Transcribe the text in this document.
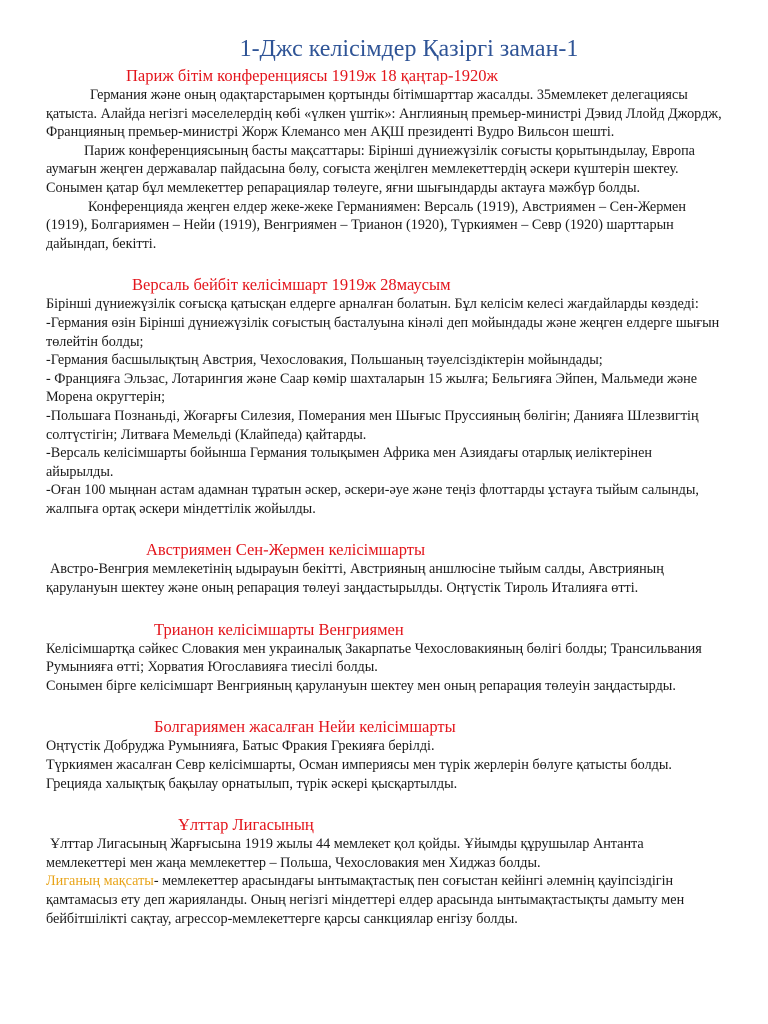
1-Джс келісімдер Қазіргі заман-1
Париж бітім конференциясы 1919ж 18 қаңтар-1920ж

Германия және оның одақтарстарымен қортынды бітімшарттар жасалды. 35мемлекет делегациясы қатыста. Алайда негізгі мәселелердің көбі «үлкен үштік»: Англияның премьер-министрі Дэвид Ллойд Джордж, Францияның премьер-министрі Жорж Клемансо мен АҚШ президенті Вудро Вильсон шешті.

Париж конференциясының басты мақсаттары: Бірінші дүниежүзілік соғысты қорытындылау, Европа аумағын жеңген державалар пайдасына бөлу, соғыста жеңілген мемлекеттердің әскери күштерін шектеу. Сонымен қатар бұл мемлекеттер репарациялар төлеуге, яғни шығындарды актауға мәжбүр болды.

Конференцияда жеңген елдер жеке-жеке Германиямен: Версаль (1919), Австриямен – Сен-Жермен (1919), Болгариямен – Нейи (1919), Венгриямен – Трианон (1920), Түркиямен – Севр (1920) шарттарын дайындап, бекітті.

Версаль бейбіт келісімшарт 1919ж 28маусым

Бірінші дүниежүзілік соғысқа қатысқан елдерге арналған болатын. Бұл келісім келесі жағдайларды көздеді: -Германия өзін Бірінші дүниежүзілік соғыстың басталуына кінәлі деп мойындады және жеңген елдерге шығын төлейтін болды;

-Германия басшылықтың Австрия, Чехословакия, Польшаның тәуелсіздіктерін мойындады;

- Францияға Эльзас, Лотарингия және Саар көмір шахталарын 15 жылға; Бельгияға Эйпен, Мальмеди және Морена округтерін;

-Польшаға Познаньді, Жоғарғы Силезия, Померания мен Шығыс Пруссияның бөлігін; Данияға Шлезвигтің солтүстігін; Литваға Мемельді (Клайпеда) қайтарды.

-Версаль келісімшарты бойынша Германия толықымен Африка мен Азиядағы отарлық иеліктерінен айырылды.

-Оған 100 мыңнан астам адамнан тұратын әскер, әскери-әуе және теңіз флоттарды ұстауға тыйым салынды, жалпыға ортақ әскери міндеттілік жойылды.

Австриямен Сен-Жермен келісімшарты

Австро-Венгрия мемлекетінің ыдырауын бекітті, Австрияның аншлюсіне тыйым салды, Австрияның қарулануын шектеу және оның репарация төлеуі заңдастырылды. Оңтүстік Тироль Италияға өтті.

Трианон келісімшарты Венгриямен

Келісімшартқа сәйкес Словакия мен украиналық Закарпатье Чехословакияның бөлігі болды; Трансильвания Румынияға өтті; Хорватия Югославияға тиесілі болды.

Сонымен бірге келісімшарт Венгрияның қарулануын шектеу мен оның репарация төлеуін заңдастырды.

Болгариямен жасалған Нейи келісімшарты

Оңтүстік Добруджа Румынияға, Батыс Фракия Грекияға берілді.

Түркиямен жасалған Севр келісімшарты, Осман империясы мен түрік жерлерін бөлуге қатысты болды. Грецияда халықтық бақылау орнатылып, түрік әскері қысқартылды.

Ұлттар Лигасының

Ұлттар Лигасының Жарғысына 1919 жылы 44 мемлекет қол қойды. Ұйымды құрушылар Антанта мемлекеттері мен жаңа мемлекеттер – Польша, Чехословакия мен Хиджаз болды.

Лиганың мақсаты- мемлекеттер арасындағы ынтымақтастық пен соғыстан кейінгі әлемнің қауіпсіздігін қамтамасыз ету деп жарияланды. Оның негізгі міндеттері елдер арасында ынтымақтастықты дамыту мен бейбітшілікті сақтау, агрессор-мемлекеттерге қарсы санкциялар енгізу болды.
